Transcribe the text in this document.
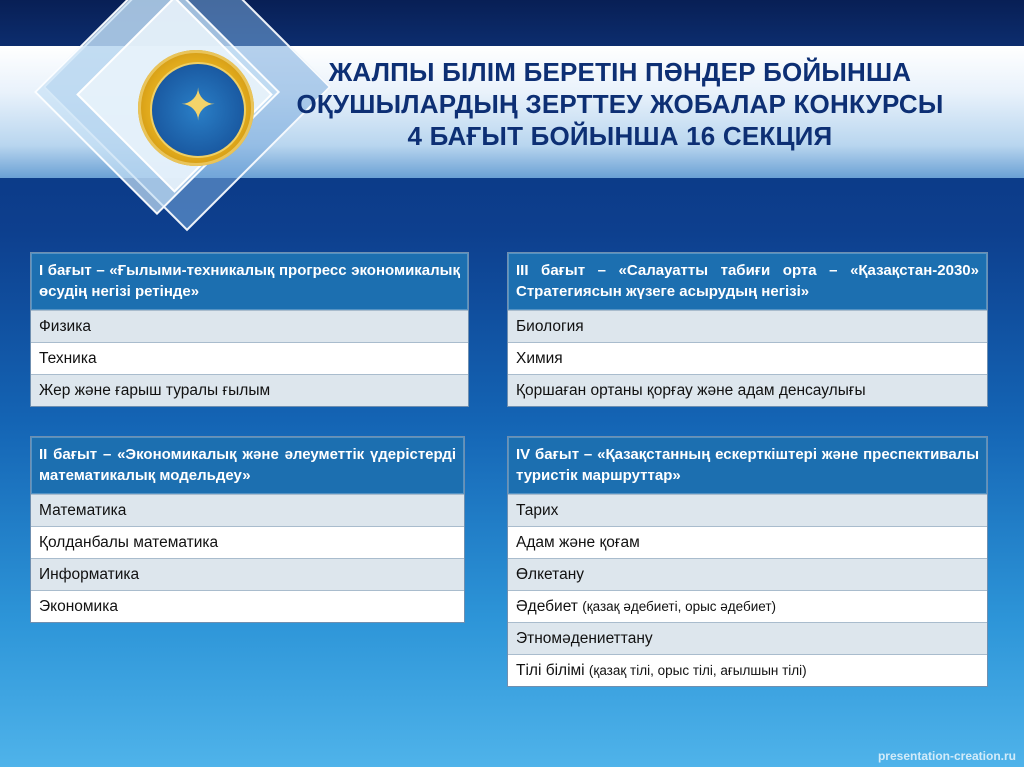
✦
ЖАЛПЫ БІЛІМ БЕРЕТІН ПӘНДЕР БОЙЫНША
ОҚУШЫЛАРДЫҢ ЗЕРТТЕУ ЖОБАЛАР КОНКУРСЫ
4 БАҒЫТ БОЙЫНША 16 СЕКЦИЯ
I бағыт – «Ғылыми-техникалық прогресс экономикалық өсудің негізі ретінде»
Физика
Техника
Жер және ғарыш туралы ғылым
II бағыт – «Экономикалық және әлеуметтік үдерістерді математикалық модельдеу»
Математика
Қолданбалы математика
Информатика
Экономика
III бағыт – «Салауатты табиғи орта – «Қазақстан-2030» Стратегиясын жүзеге асырудың негізі»
Биология
Химия
Қоршаған ортаны қорғау және адам денсаулығы
IV бағыт – «Қазақстанның ескерткіштері және преспективалы туристік маршруттар»
Тарих
Адам және қоғам
Өлкетану
Әдебиет (қазақ әдебиеті, орыс әдебиет)
Этномәдениеттану
Тілі білімі (қазақ тілі, орыс тілі, ағылшын тілі)
presentation-creation.ru
